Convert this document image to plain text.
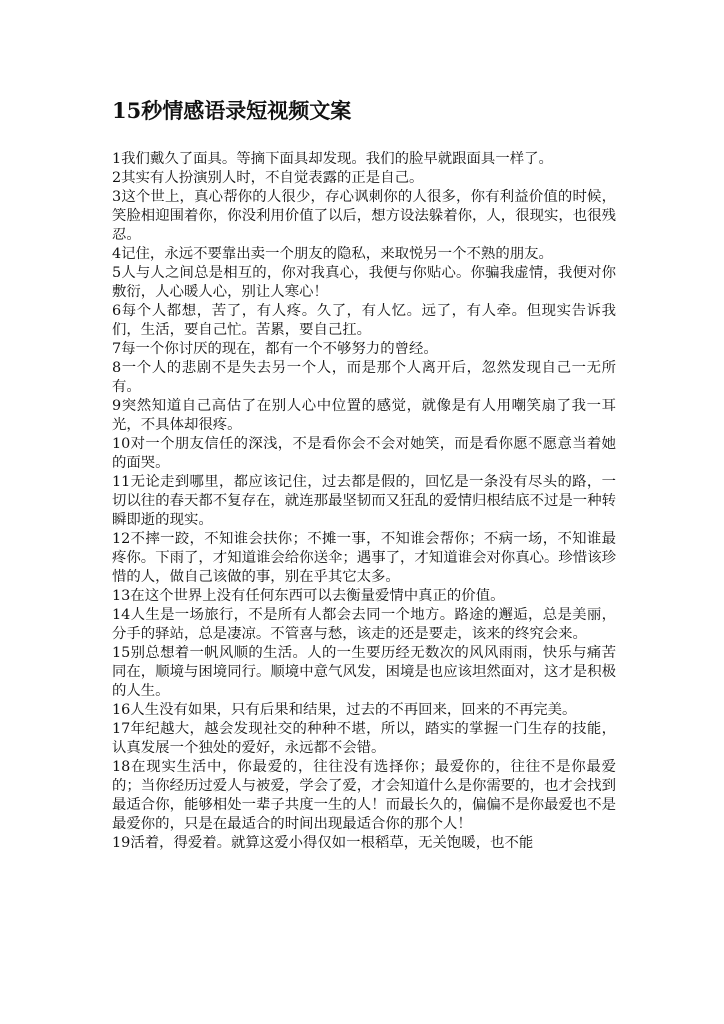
15秒情感语录短视频文案

1我们戴久了面具。等摘下面具却发现。我们的脸早就跟面具一样了。

2其实有人扮演别人时，不自觉表露的正是自己。

3这个世上，真心帮你的人很少，存心讽刺你的人很多，你有利益价值的时候，笑脸相迎围着你，你没利用价值了以后，想方设法躲着你，人，很现实，也很残忍。

4记住，永远不要靠出卖一个朋友的隐私，来取悦另一个不熟的朋友。

5人与人之间总是相互的，你对我真心，我便与你贴心。你骗我虚情，我便对你敷衍，人心暖人心，别让人寒心！

6每个人都想，苦了，有人疼。久了，有人忆。远了，有人牵。但现实告诉我们，生活，要自己忙。苦累，要自己扛。

7每一个你讨厌的现在，都有一个不够努力的曾经。

8一个人的悲剧不是失去另一个人，而是那个人离开后，忽然发现自己一无所有。

9突然知道自己高估了在别人心中位置的感觉，就像是有人用嘲笑扇了我一耳光，不具体却很疼。

10对一个朋友信任的深浅，不是看你会不会对她笑，而是看你愿不愿意当着她的面哭。

11无论走到哪里，都应该记住，过去都是假的，回忆是一条没有尽头的路，一切以往的春天都不复存在，就连那最坚韧而又狂乱的爱情归根结底不过是一种转瞬即逝的现实。

12不摔一跤，不知谁会扶你；不摊一事，不知谁会帮你；不病一场，不知谁最疼你。下雨了，才知道谁会给你送伞；遇事了，才知道谁会对你真心。珍惜该珍惜的人，做自己该做的事，别在乎其它太多。

13在这个世界上没有任何东西可以去衡量爱情中真正的价值。

14人生是一场旅行，不是所有人都会去同一个地方。路途的邂逅，总是美丽，分手的驿站，总是凄凉。不管喜与愁，该走的还是要走，该来的终究会来。

15别总想着一帆风顺的生活。人的一生要历经无数次的风风雨雨，快乐与痛苦同在，顺境与困境同行。顺境中意气风发，困境是也应该坦然面对，这才是积极的人生。

16人生没有如果，只有后果和结果，过去的不再回来，回来的不再完美。

17年纪越大，越会发现社交的种种不堪，所以，踏实的掌握一门生存的技能，认真发展一个独处的爱好，永远都不会错。

18在现实生活中，你最爱的，往往没有选择你；最爱你的，往往不是你最爱的；当你经历过爱人与被爱，学会了爱，才会知道什么是你需要的，也才会找到最适合你，能够相处一辈子共度一生的人！而最长久的，偏偏不是你最爱也不是最爱你的，只是在最适合的时间出现最适合你的那个人！

19活着，得爱着。就算这爱小得仅如一根稻草，无关饱暖，也不能
